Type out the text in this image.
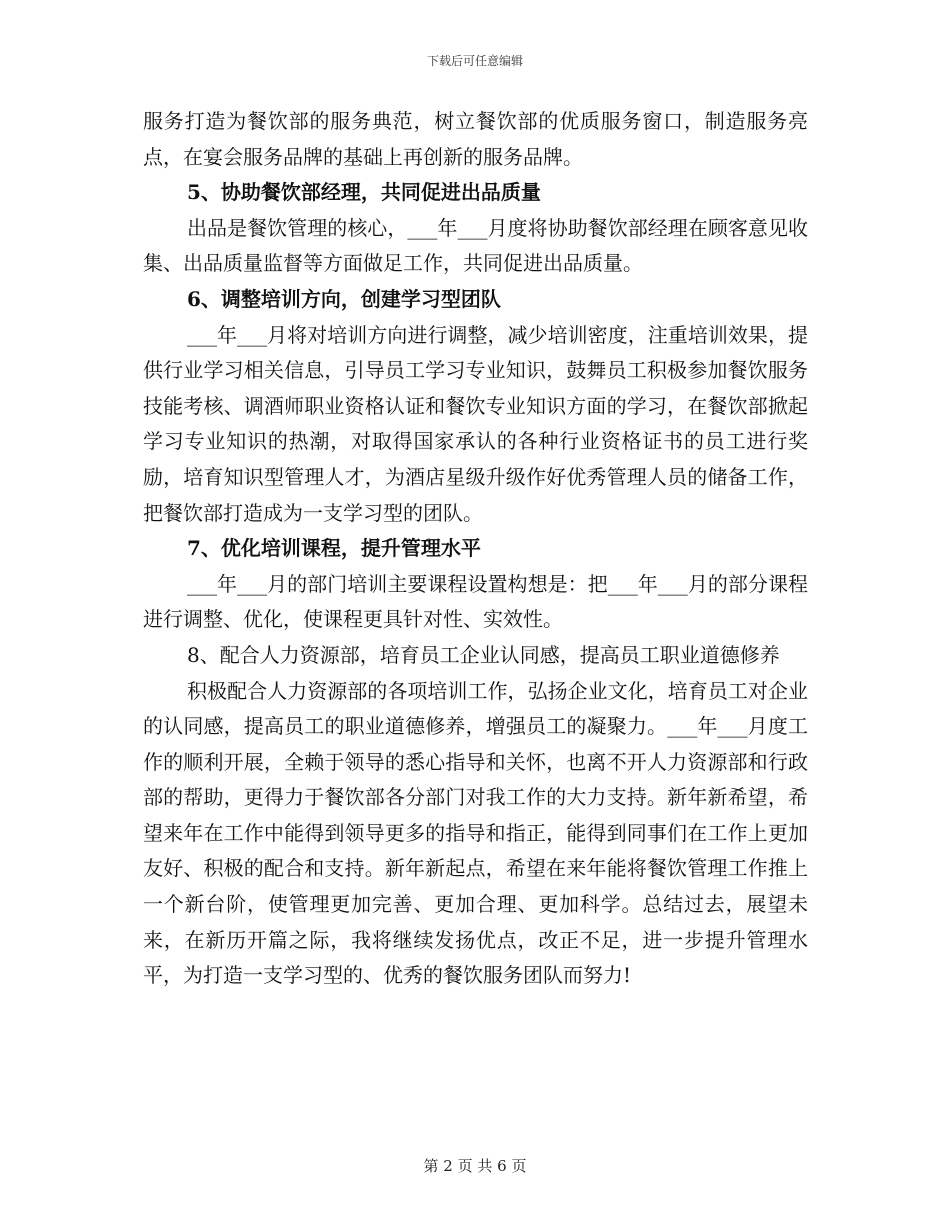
下载后可任意编辑

服务打造为餐饮部的服务典范，树立餐饮部的优质服务窗口，制造服务亮点，在宴会服务品牌的基础上再创新的服务品牌。

5、协助餐饮部经理，共同促进出品质量

出品是餐饮管理的核心，___年___月度将协助餐饮部经理在顾客意见收集、出品质量监督等方面做足工作，共同促进出品质量。

6、调整培训方向，创建学习型团队

___年___月将对培训方向进行调整，减少培训密度，注重培训效果，提供行业学习相关信息，引导员工学习专业知识，鼓舞员工积极参加餐饮服务技能考核、调酒师职业资格认证和餐饮专业知识方面的学习，在餐饮部掀起学习专业知识的热潮，对取得国家承认的各种行业资格证书的员工进行奖励，培育知识型管理人才，为酒店星级升级作好优秀管理人员的储备工作，把餐饮部打造成为一支学习型的团队。

7、优化培训课程，提升管理水平

___年___月的部门培训主要课程设置构想是：把___年___月的部分课程进行调整、优化，使课程更具针对性、实效性。

8、配合人力资源部，培育员工企业认同感，提高员工职业道德修养

积极配合人力资源部的各项培训工作，弘扬企业文化，培育员工对企业的认同感，提高员工的职业道德修养，增强员工的凝聚力。___年___月度工作的顺利开展，全赖于领导的悉心指导和关怀，也离不开人力资源部和行政部的帮助，更得力于餐饮部各分部门对我工作的大力支持。新年新希望，希望来年在工作中能得到领导更多的指导和指正，能得到同事们在工作上更加友好、积极的配合和支持。新年新起点，希望在来年能将餐饮管理工作推上一个新台阶，使管理更加完善、更加合理、更加科学。总结过去，展望未来，在新历开篇之际，我将继续发扬优点，改正不足，进一步提升管理水平，为打造一支学习型的、优秀的餐饮服务团队而努力!

第 2 页 共 6 页
